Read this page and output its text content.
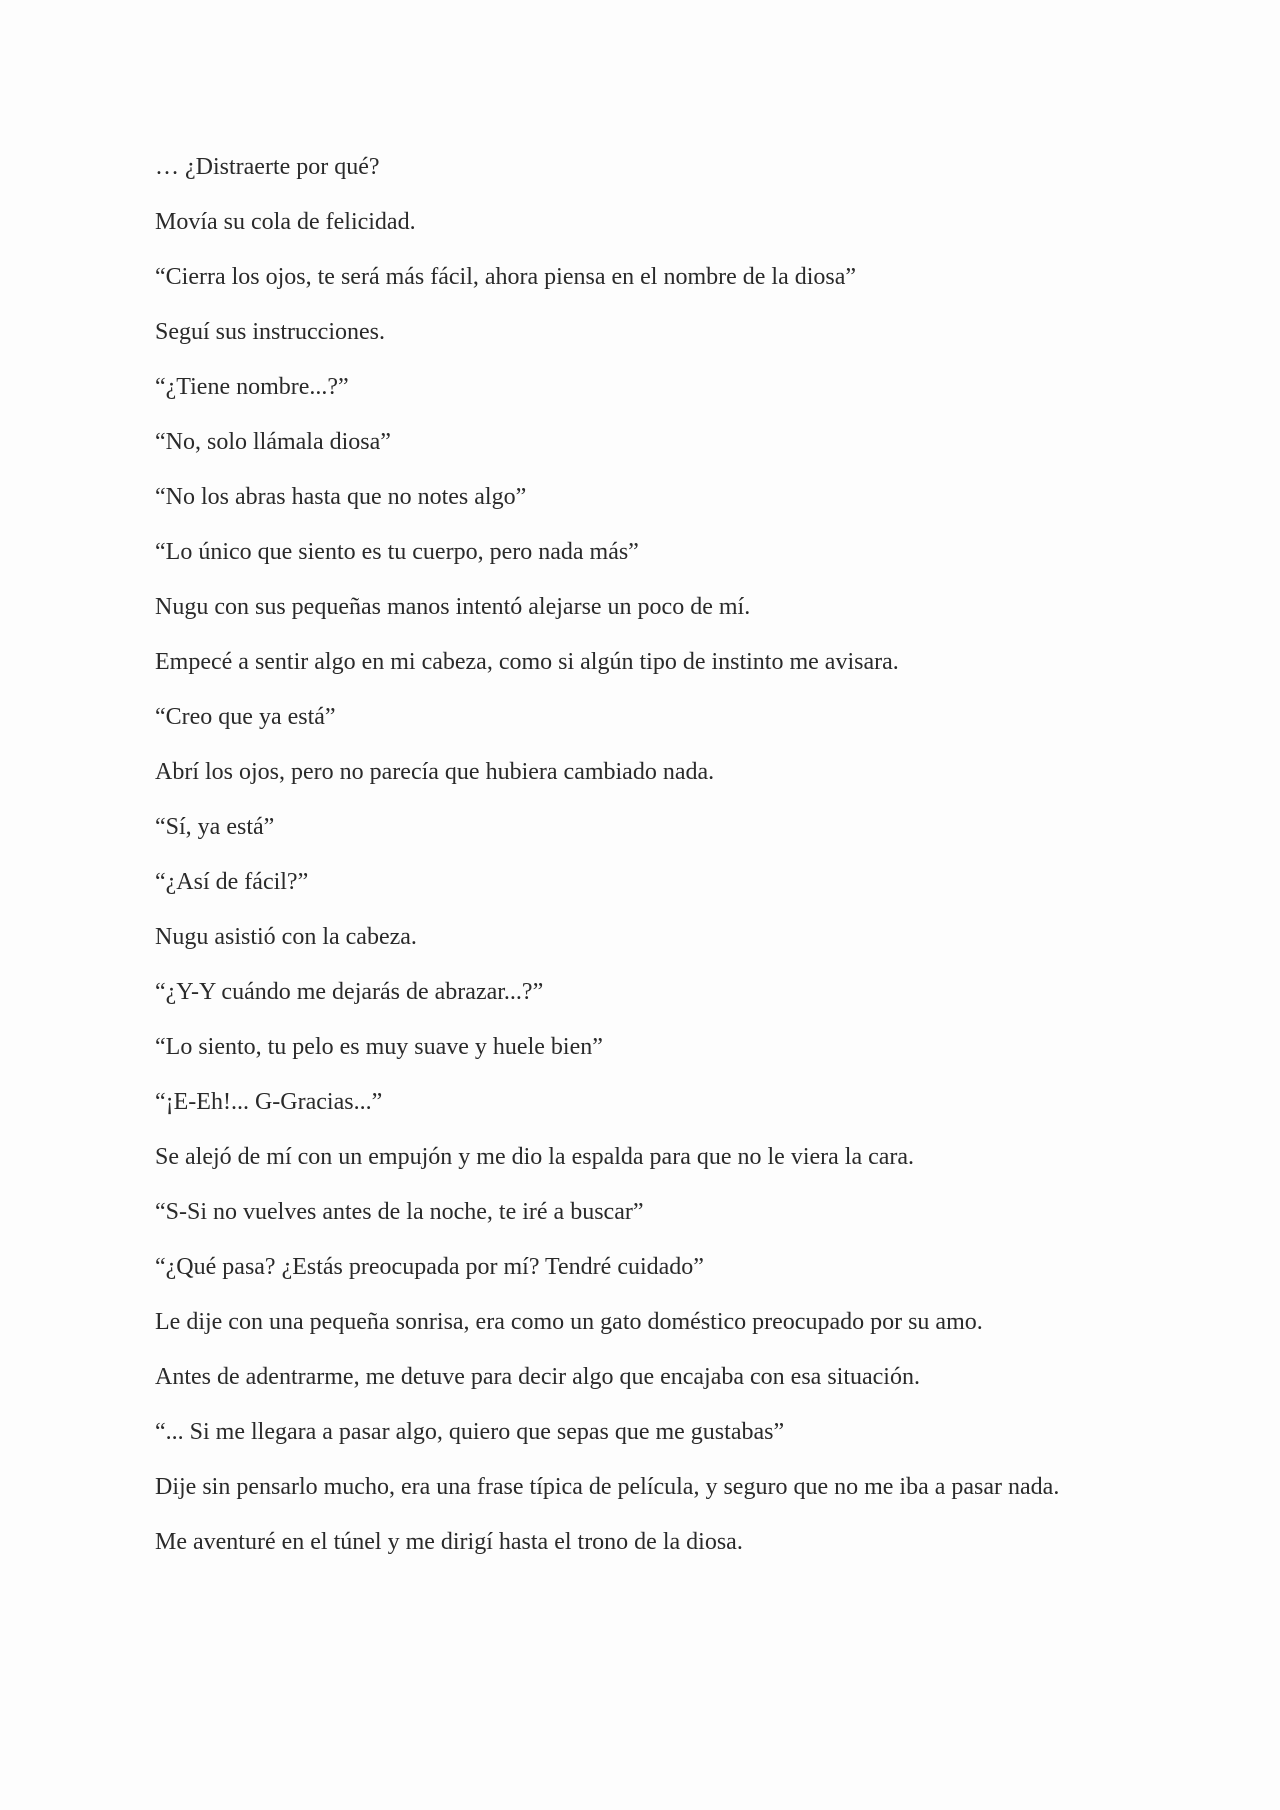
… ¿Distraerte por qué?

Movía su cola de felicidad.

“Cierra los ojos, te será más fácil, ahora piensa en el nombre de la diosa”

Seguí sus instrucciones.

“¿Tiene nombre...?”

“No, solo llámala diosa”

“No los abras hasta que no notes algo”

“Lo único que siento es tu cuerpo, pero nada más”

Nugu con sus pequeñas manos intentó alejarse un poco de mí.

Empecé a sentir algo en mi cabeza, como si algún tipo de instinto me avisara.

“Creo que ya está”

Abrí los ojos, pero no parecía que hubiera cambiado nada.

“Sí, ya está”

“¿Así de fácil?”

Nugu asistió con la cabeza.

“¿Y-Y cuándo me dejarás de abrazar...?”

“Lo siento, tu pelo es muy suave y huele bien”

“¡E-Eh!... G-Gracias...”

Se alejó de mí con un empujón y me dio la espalda para que no le viera la cara.

“S-Si no vuelves antes de la noche, te iré a buscar”

“¿Qué pasa? ¿Estás preocupada por mí? Tendré cuidado”

Le dije con una pequeña sonrisa, era como un gato doméstico preocupado por su amo.

Antes de adentrarme, me detuve para decir algo que encajaba con esa situación.

“... Si me llegara a pasar algo, quiero que sepas que me gustabas”

Dije sin pensarlo mucho, era una frase típica de película, y seguro que no me iba a pasar nada.

Me aventuré en el túnel y me dirigí hasta el trono de la diosa.
